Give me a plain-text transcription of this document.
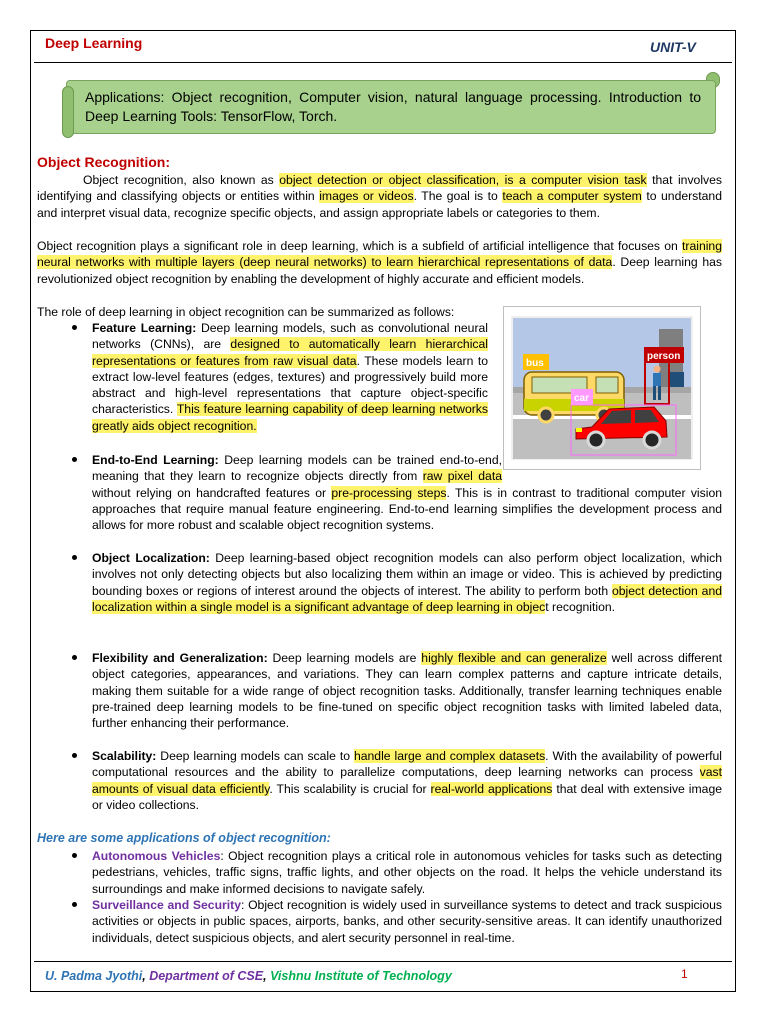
Deep Learning	UNIT-V
Applications: Object recognition, Computer vision, natural language processing. Introduction to Deep Learning Tools: TensorFlow, Torch.
Object Recognition:
Object recognition, also known as object detection or object classification, is a computer vision task that involves identifying and classifying objects or entities within images or videos. The goal is to teach a computer system to understand and interpret visual data, recognize specific objects, and assign appropriate labels or categories to them.
Object recognition plays a significant role in deep learning, which is a subfield of artificial intelligence that focuses on training neural networks with multiple layers (deep neural networks) to learn hierarchical representations of data. Deep learning has revolutionized object recognition by enabling the development of highly accurate and efficient models.
The role of deep learning in object recognition can be summarized as follows:
Feature Learning: Deep learning models, such as convolutional neural networks (CNNs), are designed to automatically learn hierarchical representations or features from raw visual data. These models learn to extract low-level features (edges, textures) and progressively build more abstract and high-level representations that capture object-specific characteristics. This feature learning capability of deep learning networks greatly aids object recognition.
bus
person
car
End-to-End Learning: Deep learning models can be trained end-to-end, meaning that they learn to recognize objects directly from raw pixel data without relying on handcrafted features or pre-processing steps. This is in contrast to traditional computer vision approaches that require manual feature engineering. End-to-end learning simplifies the development process and allows for more robust and scalable object recognition systems.
Object Localization: Deep learning-based object recognition models can also perform object localization, which involves not only detecting objects but also localizing them within an image or video. This is achieved by predicting bounding boxes or regions of interest around the objects of interest. The ability to perform both object detection and localization within a single model is a significant advantage of deep learning in object recognition.
Flexibility and Generalization: Deep learning models are highly flexible and can generalize well across different object categories, appearances, and variations. They can learn complex patterns and capture intricate details, making them suitable for a wide range of object recognition tasks. Additionally, transfer learning techniques enable pre-trained deep learning models to be fine-tuned on specific object recognition tasks with limited labeled data, further enhancing their performance.
Scalability: Deep learning models can scale to handle large and complex datasets. With the availability of powerful computational resources and the ability to parallelize computations, deep learning networks can process vast amounts of visual data efficiently. This scalability is crucial for real-world applications that deal with extensive image or video collections.
Here are some applications of object recognition:
Autonomous Vehicles: Object recognition plays a critical role in autonomous vehicles for tasks such as detecting pedestrians, vehicles, traffic signs, traffic lights, and other objects on the road. It helps the vehicle understand its surroundings and make informed decisions to navigate safely.
Surveillance and Security: Object recognition is widely used in surveillance systems to detect and track suspicious activities or objects in public spaces, airports, banks, and other security-sensitive areas. It can identify unauthorized individuals, detect suspicious objects, and alert security personnel in real-time.
U. Padma Jyothi, Department of CSE, Vishnu Institute of Technology	1
